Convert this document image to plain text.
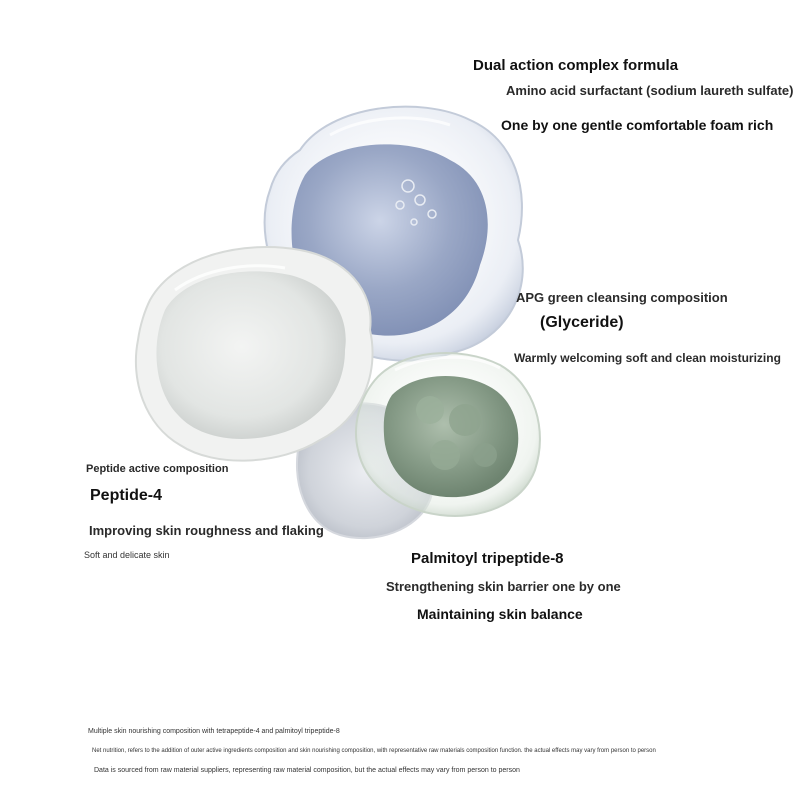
Dual action complex formula
Amino acid surfactant (sodium laureth sulfate)
One by one gentle comfortable foam rich
APG green cleansing composition
(Glyceride)
Warmly welcoming soft and clean moisturizing
Peptide active composition
Peptide-4
Improving skin roughness and flaking
Soft and delicate skin	Palmitoyl tripeptide-8
Strengthening skin barrier one by one
Maintaining skin balance
Multiple skin nourishing composition with tetrapeptide-4 and palmitoyl tripeptide-8
Net nutrition, refers to the addition of outer active ingredients composition and skin nourishing composition, with representative raw materials composition function. the actual effects may vary from person to person
Data is sourced from raw material suppliers, representing raw material composition, but the actual effects may vary from person to person
